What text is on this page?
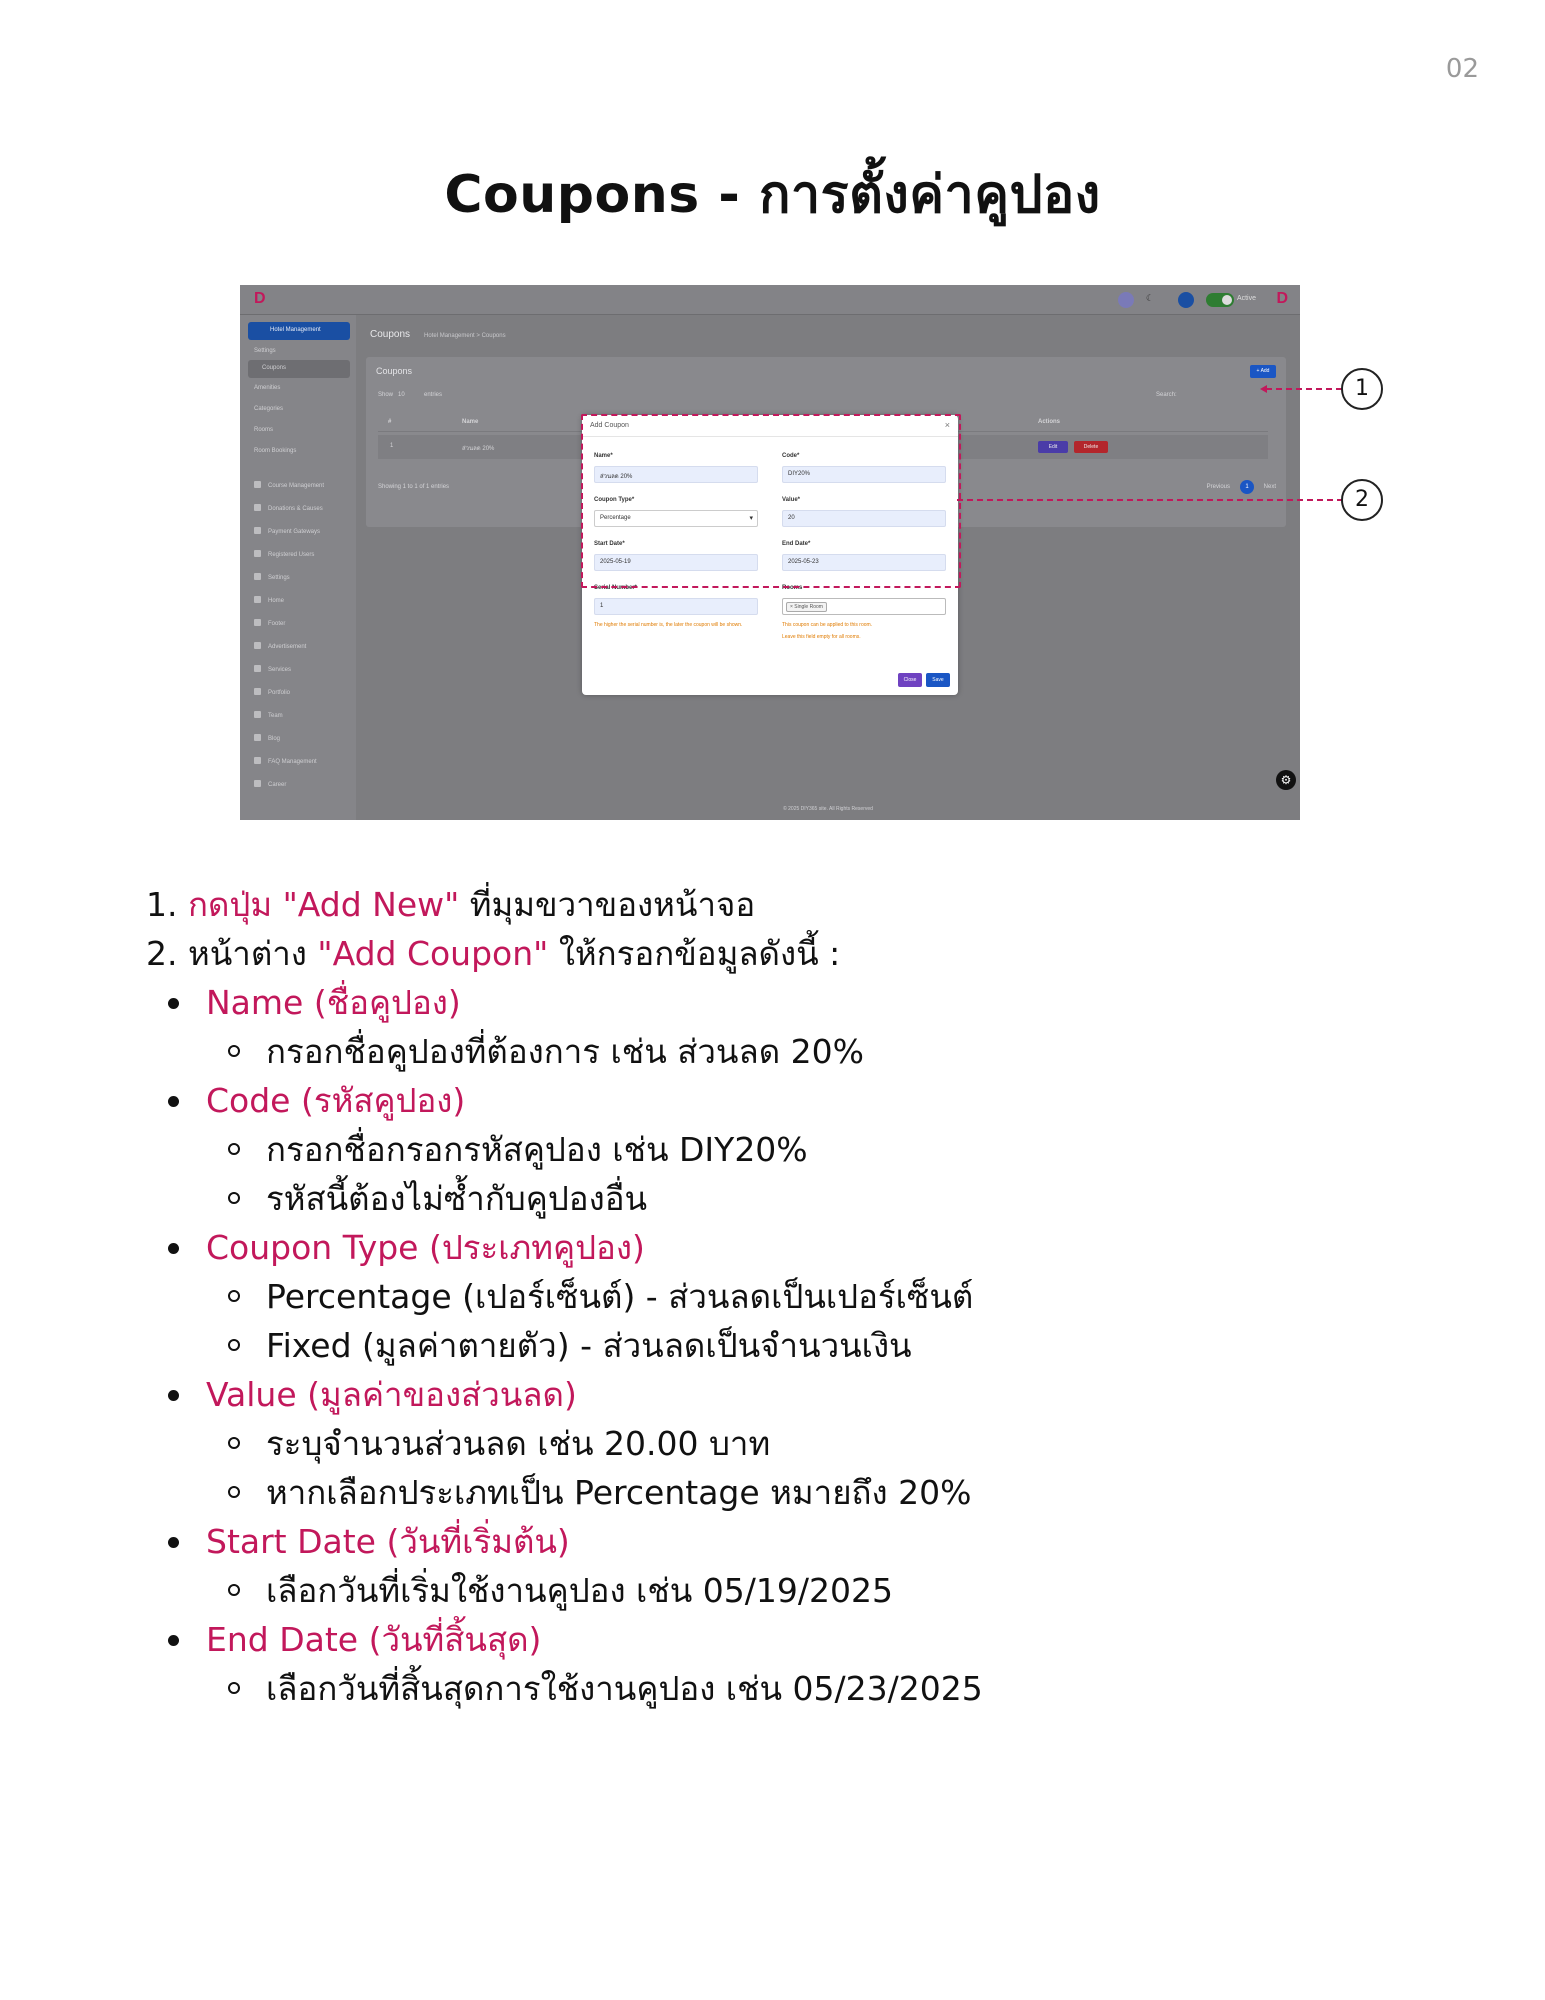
02
Coupons - การตั้งค่าคูปอง
D	☾	Active D
Hotel Management
Settings
Coupons
Amenities
Categories
Rooms
Room Bookings
Course Management
Donations & Causes
Payment Gateways
Registered Users
Settings
Home
Footer
Advertisement
Services
Portfolio
Team
Blog
FAQ Management
Career
Coupons Hotel Management > Coupons
Coupons	+ Add
Show 10	entries	Search:
#	Name	Actions
1	ส่วนลด 20%	Edit	Delete
Showing 1 to 1 of 1 entries	Previous	1	Next
© 2025 DIY365 site. All Rights Reserved
⚙
Add Coupon	×
Name*
ส่วนลด 20%
Code*
DIY20%
Coupon Type*
Percentage ▾
Value*
20
Start Date*
2025-05-19
End Date*
2025-05-23
Serial Number*
1
Rooms
× Single Room
The higher the serial number is, the later the coupon will be shown.	This coupon can be applied to this room.
Leave this field empty for all rooms.
Close	Save
1
2
1. กดปุ่ม "Add New" ที่มุมขวาของหน้าจอ
2. หน้าต่าง "Add Coupon" ให้กรอกข้อมูลดังนี้ :
Name (ชื่อคูปอง)
กรอกชื่อคูปองที่ต้องการ เช่น ส่วนลด 20%
Code (รหัสคูปอง)
กรอกชื่อกรอกรหัสคูปอง เช่น DIY20%
รหัสนี้ต้องไม่ซ้ำกับคูปองอื่น
Coupon Type (ประเภทคูปอง)
Percentage (เปอร์เซ็นต์) - ส่วนลดเป็นเปอร์เซ็นต์
Fixed (มูลค่าตายตัว) - ส่วนลดเป็นจำนวนเงิน
Value (มูลค่าของส่วนลด)
ระบุจำนวนส่วนลด เช่น 20.00 บาท
หากเลือกประเภทเป็น Percentage หมายถึง 20%
Start Date (วันที่เริ่มต้น)
เลือกวันที่เริ่มใช้งานคูปอง เช่น 05/19/2025
End Date (วันที่สิ้นสุด)
เลือกวันที่สิ้นสุดการใช้งานคูปอง เช่น 05/23/2025
